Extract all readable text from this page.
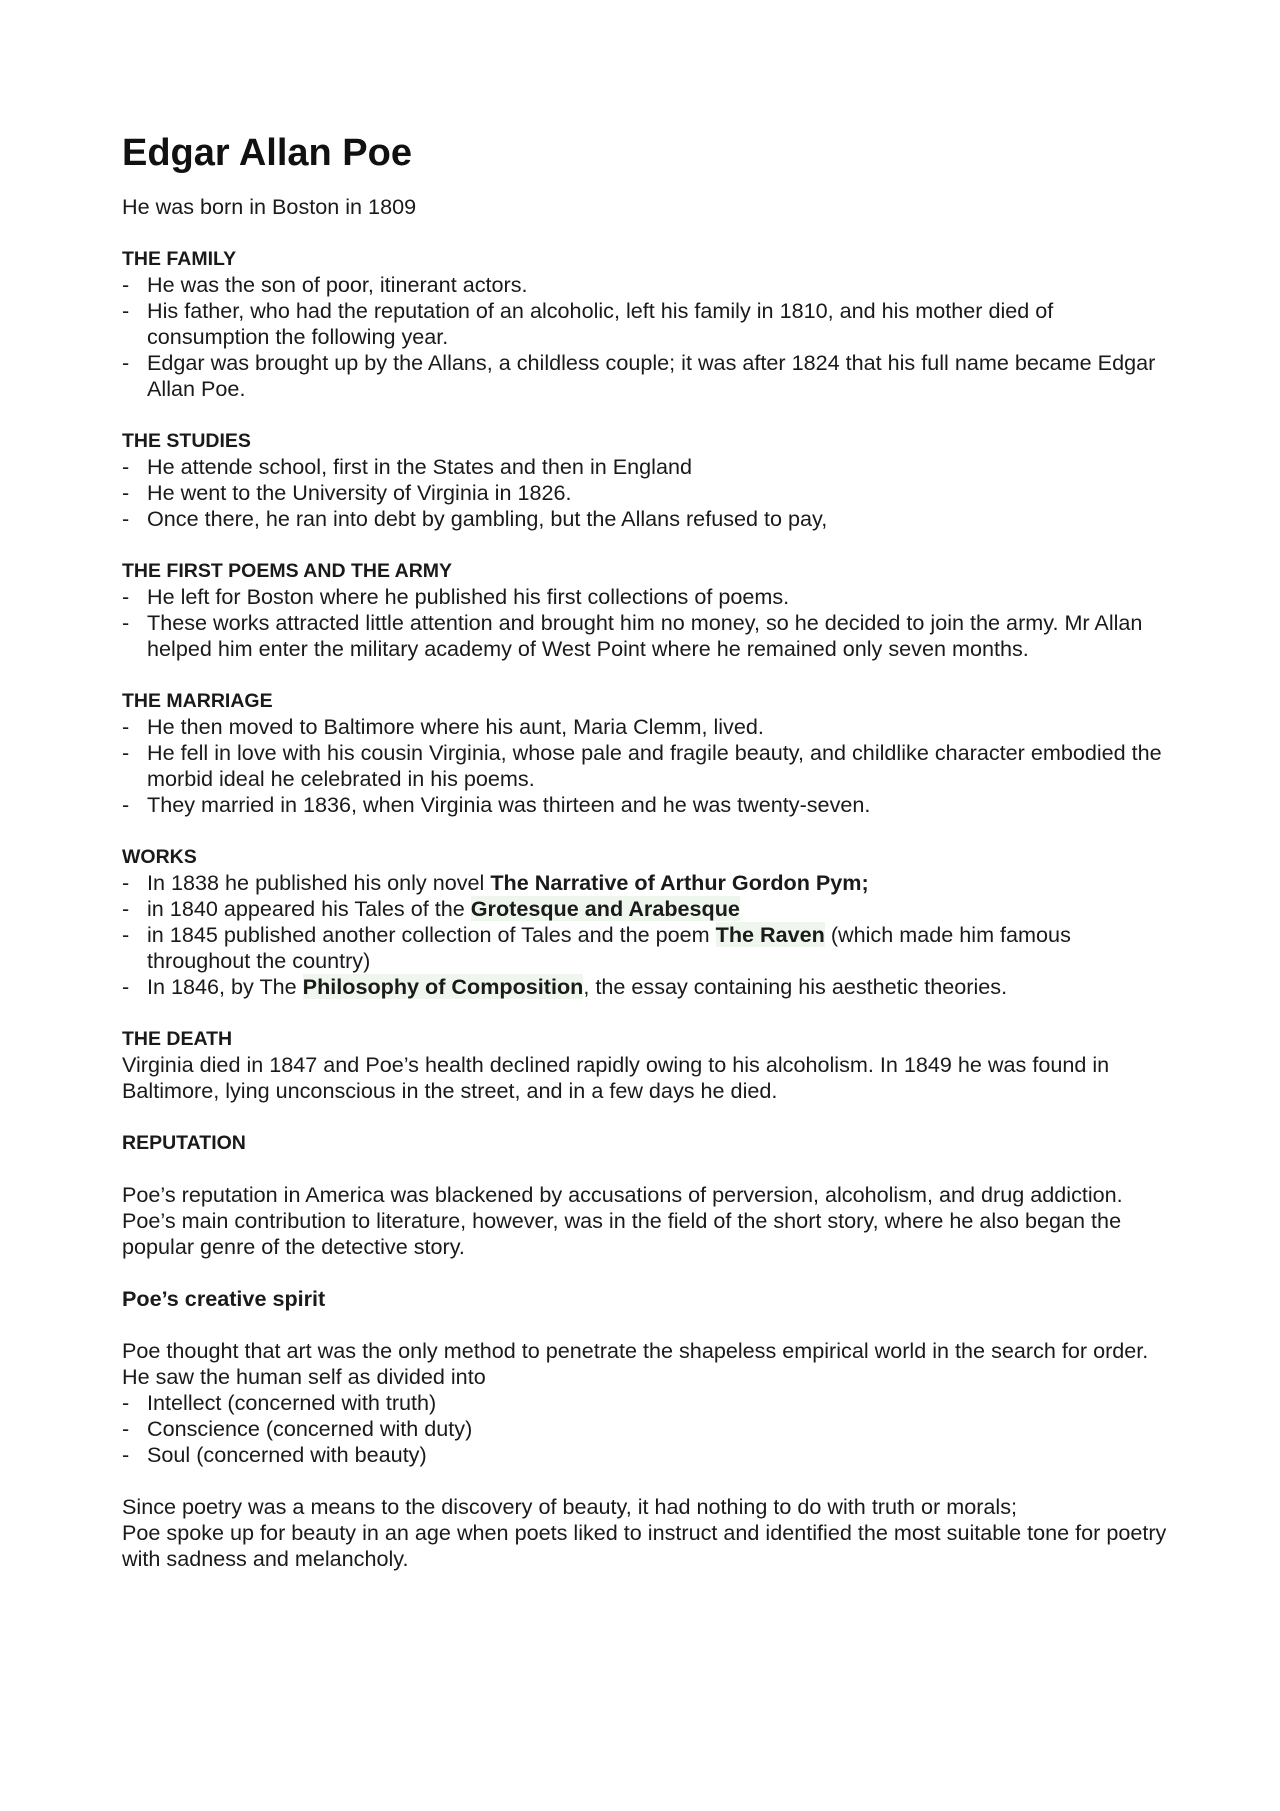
Edgar Allan Poe

He was born in Boston in 1809

THE FAMILY

- He was the son of poor, itinerant actors.
- His father, who had the reputation of an alcoholic, left his family in 1810, and his mother died of consumption the following year.
- Edgar was brought up by the Allans, a childless couple; it was after 1824 that his full name became Edgar Allan Poe.

THE STUDIES

- He attende school, first in the States and then in England
- He went to the University of Virginia in 1826.
- Once there, he ran into debt by gambling, but the Allans refused to pay,

THE FIRST POEMS AND THE ARMY

- He left for Boston where he published his first collections of poems.
- These works attracted little attention and brought him no money, so he decided to join the army. Mr Allan helped him enter the military academy of West Point where he remained only seven months.

THE MARRIAGE

- He then moved to Baltimore where his aunt, Maria Clemm, lived.
- He fell in love with his cousin Virginia, whose pale and fragile beauty, and childlike character embodied the morbid ideal he celebrated in his poems.
- They married in 1836, when Virginia was thirteen and he was twenty-seven.

WORKS

- In 1838 he published his only novel The Narrative of Arthur Gordon Pym;
- in 1840 appeared his Tales of the Grotesque and Arabesque
- in 1845 published another collection of Tales and the poem The Raven (which made him famous throughout the country)
- In 1846, by The Philosophy of Composition, the essay containing his aesthetic theories.

THE DEATH

Virginia died in 1847 and Poe’s health declined rapidly owing to his alcoholism. In 1849 he was found in Baltimore, lying unconscious in the street, and in a few days he died.

REPUTATION

Poe’s reputation in America was blackened by accusations of perversion, alcoholism, and drug addiction.

Poe’s main contribution to literature, however, was in the field of the short story, where he also began the popular genre of the detective story.

Poe’s creative spirit

Poe thought that art was the only method to penetrate the shapeless empirical world in the search for order.

He saw the human self as divided into

- Intellect (concerned with truth)
- Conscience (concerned with duty)
- Soul (concerned with beauty)

Since poetry was a means to the discovery of beauty, it had nothing to do with truth or morals;

Poe spoke up for beauty in an age when poets liked to instruct and identified the most suitable tone for poetry with sadness and melancholy.
